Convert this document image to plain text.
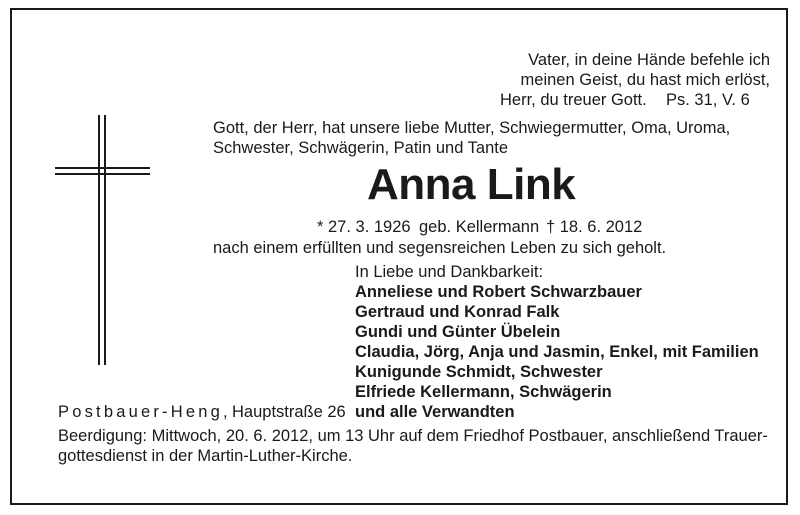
Vater, in deine Hände befehle ich
meinen Geist, du hast mich erlöst,
Herr, du treuer Gott. Ps. 31, V. 6
Gott, der Herr, hat unsere liebe Mutter, Schwiegermutter, Oma, Uroma,
Schwester, Schwägerin, Patin und Tante
Anna Link
* 27. 3. 1926 geb. Kellermann † 18. 6. 2012
nach einem erfüllten und segensreichen Leben zu sich geholt.
In Liebe und Dankbarkeit:
Anneliese und Robert Schwarzbauer
Gertraud und Konrad Falk
Gundi und Günter Übelein
Claudia, Jörg, Anja und Jasmin, Enkel, mit Familien
Kunigunde Schmidt, Schwester
Elfriede Kellermann, Schwägerin
und alle Verwandten
Postbauer-Heng, Hauptstraße 26
Beerdigung: Mittwoch, 20. 6. 2012, um 13 Uhr auf dem Friedhof Postbauer, anschließend Trauer-
gottesdienst in der Martin-Luther-Kirche.
